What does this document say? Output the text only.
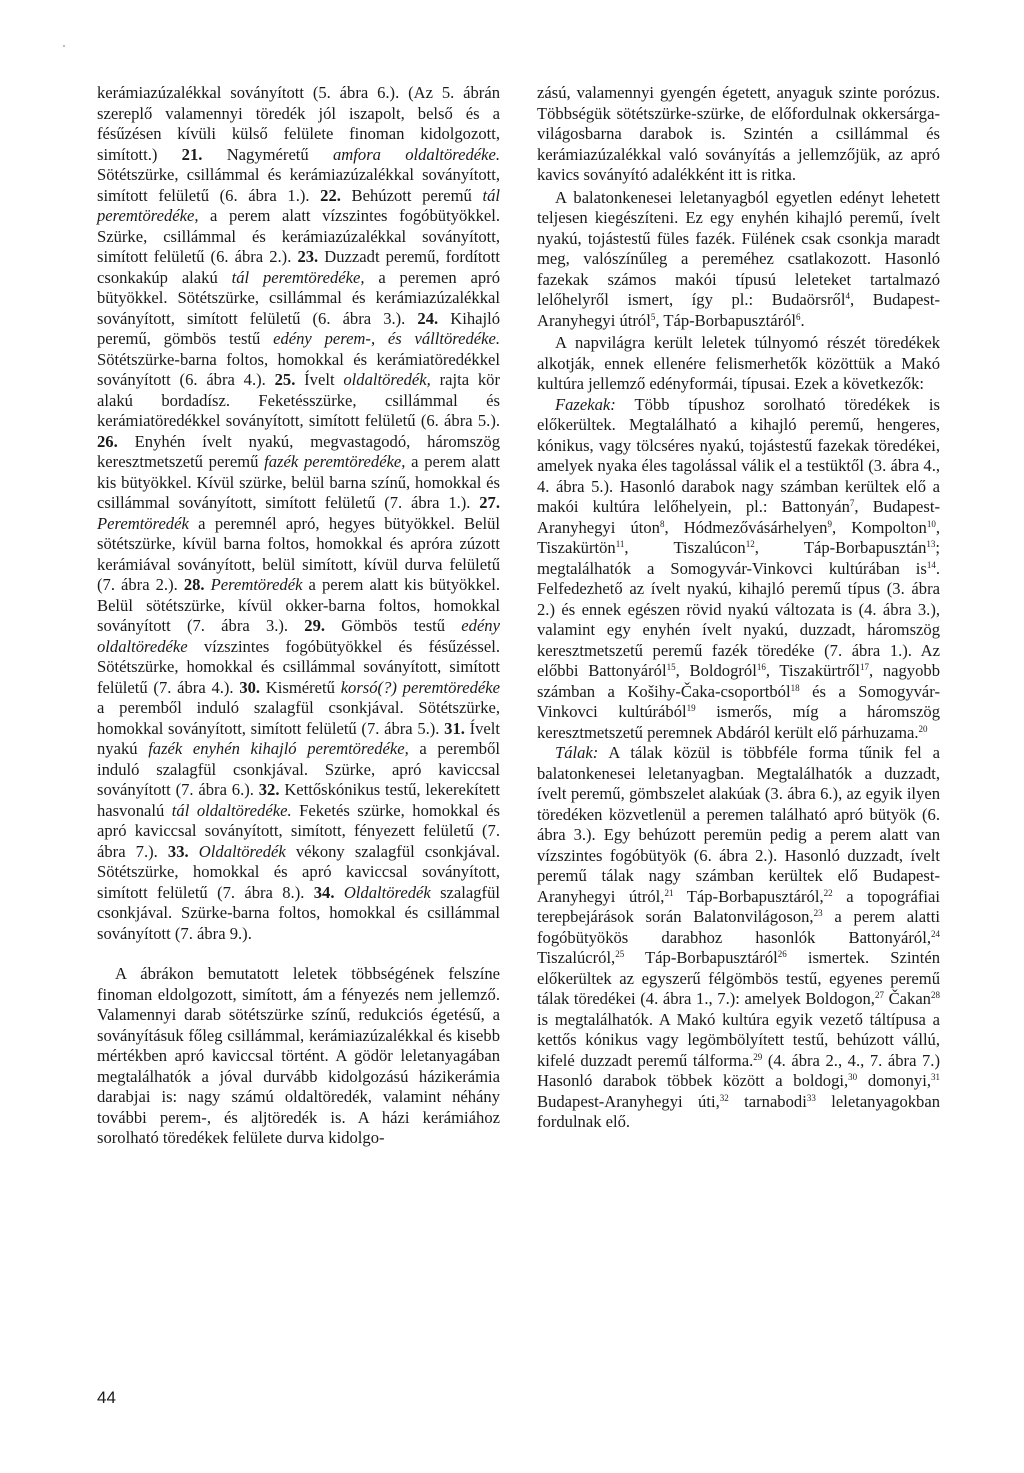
kerámiazúzalékkal soványított (5. ábra 6.). (Az 5. ábrán szereplő valamennyi töredék jól iszapolt, belső és a fésűzésen kívüli külső felülete finoman kidolgozott, simított.) 21. Nagyméretű amfora oldaltöredéke. Sötétszürke, csillámmal és kerámiazúzalékkal soványított, simított felületű (6. ábra 1.). 22. Behúzott peremű tál peremtöredéke, a perem alatt vízszintes fogóbütyökkel. Szürke, csillámmal és kerámiazúzalékkal soványított, simított felületű (6. ábra 2.). 23. Duzzadt peremű, fordított csonkakúp alakú tál peremtöredéke, a peremen apró bütyökkel. Sötétszürke, csillámmal és kerámiazúzalékkal soványított, simított felületű (6. ábra 3.). 24. Kihajló peremű, gömbös testű edény perem-, és válltöredéke. Sötétszürke-barna foltos, homokkal és kerámiatöredékkel soványított (6. ábra 4.). 25. Ívelt oldaltöredék, rajta kör alakú bordadísz. Feketésszürke, csillámmal és kerámiatöredékkel soványított, simított felületű (6. ábra 5.). 26. Enyhén ívelt nyakú, megvastagodó, háromszög keresztmetszetű peremű fazék peremtöredéke, a perem alatt kis bütyökkel. Kívül szürke, belül barna színű, homokkal és csillámmal soványított, simított felületű (7. ábra 1.). 27. Peremtöredék a peremnél apró, hegyes bütyökkel. Belül sötétszürke, kívül barna foltos, homokkal és apróra zúzott kerámiával soványított, belül simított, kívül durva felületű (7. ábra 2.). 28. Peremtöredék a perem alatt kis bütyökkel. Belül sötétszürke, kívül okker-barna foltos, homokkal soványított (7. ábra 3.). 29. Gömbös testű edény oldaltöredéke vízszintes fogóbütyökkel és fésűzéssel. Sötétszürke, homokkal és csillámmal soványított, simított felületű (7. ábra 4.). 30. Kisméretű korsó(?) peremtöredéke a peremből induló szalagfül csonkjával. Sötétszürke, homokkal soványított, simított felületű (7. ábra 5.). 31. Ívelt nyakú fazék enyhén kihajló peremtöredéke, a peremből induló szalagfül csonkjával. Szürke, apró kaviccsal soványított (7. ábra 6.). 32. Kettőskónikus testű, lekerekített hasvonalú tál oldaltöredéke. Feketés szürke, homokkal és apró kaviccsal soványított, simított, fényezett felületű (7. ábra 7.). 33. Oldaltöredék vékony szalagfül csonkjával. Sötétszürke, homokkal és apró kaviccsal soványított, simított felületű (7. ábra 8.). 34. Oldaltöredék szalagfül csonkjával. Szürke-barna foltos, homokkal és csillámmal soványított (7. ábra 9.).

A ábrákon bemutatott leletek többségének felszíne finoman eldolgozott, simított, ám a fényezés nem jellemző. Valamennyi darab sötétszürke színű, redukciós égetésű, a soványításuk főleg csillámmal, kerámiazúzalékkal és kisebb mértékben apró kaviccsal történt. A gödör leletanyagában megtalálhatók a jóval durvább kidolgozású házikerámia darabjai is: nagy számú oldaltöredék, valamint néhány további perem-, és aljtöredék is. A házi kerámiához sorolható töredékek felülete durva kidolgo-

zású, valamennyi gyengén égetett, anyaguk szinte porózus. Többségük sötétszürke-szürke, de előfordulnak okkersárga-világosbarna darabok is. Szintén a csillámmal és kerámiazúzalékkal való soványítás a jellemzőjük, az apró kavics soványító adalékként itt is ritka.

A balatonkenesei leletanyagból egyetlen edényt lehetett teljesen kiegészíteni. Ez egy enyhén kihajló peremű, ívelt nyakú, tojástestű füles fazék. Fülének csak csonkja maradt meg, valószínűleg a pereméhez csatlakozott. Hasonló fazekak számos makói típusú leleteket tartalmazó lelőhelyről ismert, így pl.: Budaörsről$^4$, Budapest-Aranyhegyi útról$^5$, Táp-Borbapusztáról$^6$.

A napvilágra került leletek túlnyomó részét töredékek alkotják, ennek ellenére felismerhetők közöttük a Makó kultúra jellemző edényformái, típusai. Ezek a következők:

Fazekak: Több típushoz sorolható töredékek is előkerültek. Megtalálható a kihajló peremű, hengeres, kónikus, vagy tölcséres nyakú, tojástestű fazekak töredékei, amelyek nyaka éles tagolással válik el a testüktől (3. ábra 4., 4. ábra 5.). Hasonló darabok nagy számban kerültek elő a makói kultúra lelőhelyein, pl.: Battonyán$^7$, Budapest-Aranyhegyi úton$^8$, Hódmezővásárhelyen$^9$, Kompolton$^{10}$, Tiszakürtön$^{11}$, Tiszalúcon$^{12}$, Táp-Borbapusztán$^{13}$; megtalálhatók a Somogyvár-Vinkovci kultúrában $is^{14}$. Felfedezhető az ívelt nyakú, kihajló peremű típus (3. ábra 2.) és ennek egészen rövid nyakú változata is (4. ábra 3.), valamint egy enyhén ívelt nyakú, duzzadt, háromszög keresztmetszetű peremű fazék töredéke (7. ábra 1.). Az előbbi Battonyáról$^{15}$, Boldogról$^{16}$, Tiszakürtről$^{17}$, nagyobb számban a Košihy-Čaka-csoportból$^{18}$ és a Somogyvár-Vinkovci kultúrából$^{19}$ ismerős, míg a háromszög keresztmetszetű peremnek Abdáról került elő párhuzama.$^{20}$

Tálak: A tálak közül is többféle forma tűnik fel a balatonkenesei leletanyagban. Megtalálhatók a duzzadt, ívelt peremű, gömbszelet alakúak (3. ábra 6.), az egyik ilyen töredéken közvetlenül a peremen található apró bütyök (6. ábra 3.). Egy behúzott peremün pedig a perem alatt van vízszintes fogóbütyök (6. ábra 2.). Hasonló duzzadt, ívelt peremű tálak nagy számban kerültek elő Budapest-Aranyhegyi útról,$^{21}$ Táp-Borbapusztáról,$^{22}$ a topográfiai terepbejárások során Balatonvilágoson,$^{23}$ a perem alatti fogóbütyökös darabhoz hasonlók Battonyáról,$^{24}$ Tiszalúcról,$^{25}$ Táp-Borbapusztáról$^{26}$ ismertek. Szintén előkerültek az egyszerű félgömbös testű, egyenes peremű tálak töredékei (4. ábra 1., 7.): amelyek Boldogon,$^{27}$ Čakan$^{28}$ is megtalálhatók. A Makó kultúra egyik vezető táltípusa a kettős kónikus vagy legömbölyített testű, behúzott vállú, kifelé duzzadt peremű tálforma.$^{29}$ (4. ábra 2., 4., 7. ábra 7.) Hasonló darabok többek között a boldogi,$^{30}$ domonyi,$^{31}$ Budapest-Aranyhegyi úti,$^{32}$ tarnabodi$^{33}$ leletanyagokban fordulnak elő.

44
